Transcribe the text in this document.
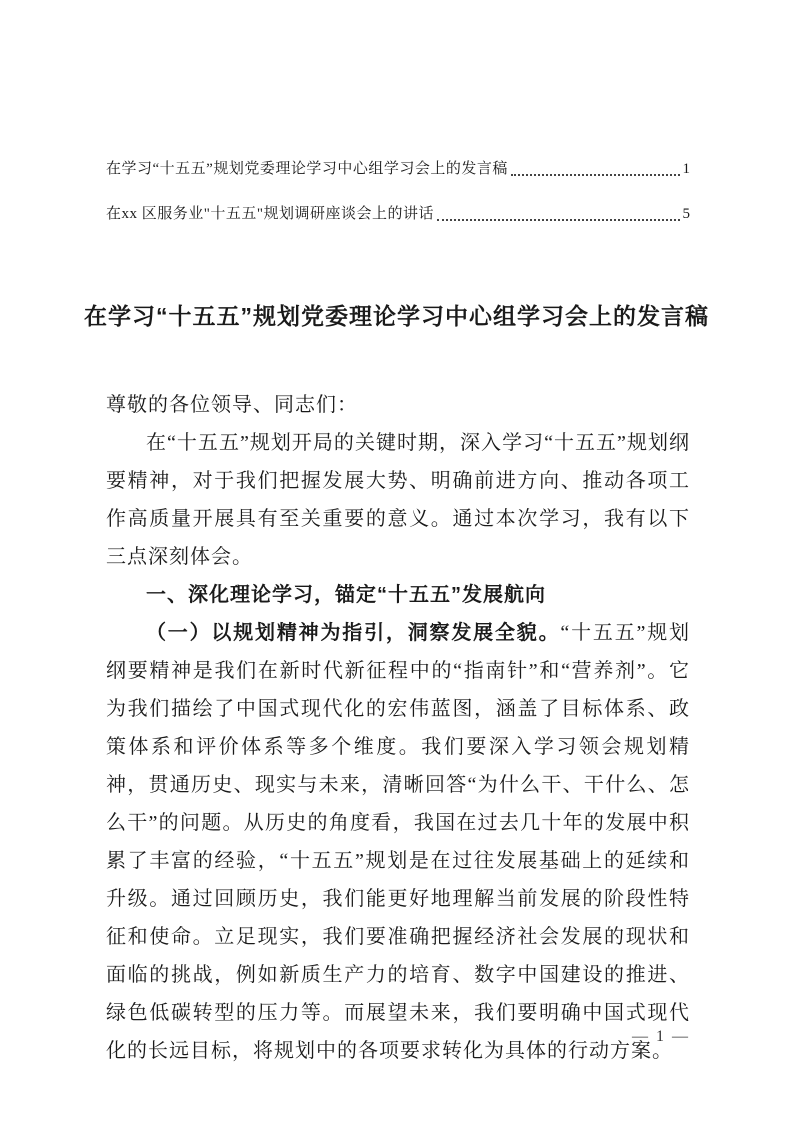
在学习“十五五”规划党委理论学习中心组学习会上的发言稿	1
在xx 区服务业"十五五"规划调研座谈会上的讲话	5
在学习“十五五”规划党委理论学习中心组学习会上的发言稿

尊敬的各位领导、同志们：

在“十五五”规划开局的关键时期，深入学习“十五五”规划纲要精神，对于我们把握发展大势、明确前进方向、推动各项工作高质量开展具有至关重要的意义。通过本次学习，我有以下三点深刻体会。

一、深化理论学习，锚定“十五五”发展航向

（一）以规划精神为指引，洞察发展全貌。“十五五”规划纲要精神是我们在新时代新征程中的“指南针”和“营养剂”。它为我们描绘了中国式现代化的宏伟蓝图，涵盖了目标体系、政策体系和评价体系等多个维度。我们要深入学习领会规划精神，贯通历史、现实与未来，清晰回答“为什么干、干什么、怎么干”的问题。从历史的角度看，我国在过去几十年的发展中积累了丰富的经验，“十五五”规划是在过往发展基础上的延续和升级。通过回顾历史，我们能更好地理解当前发展的阶段性特征和使命。立足现实，我们要准确把握经济社会发展的现状和面临的挑战，例如新质生产力的培育、数字中国建设的推进、绿色低碳转型的压力等。而展望未来，我们要明确中国式现代化的长远目标，将规划中的各项要求转化为具体的行动方案。

— 1 —
